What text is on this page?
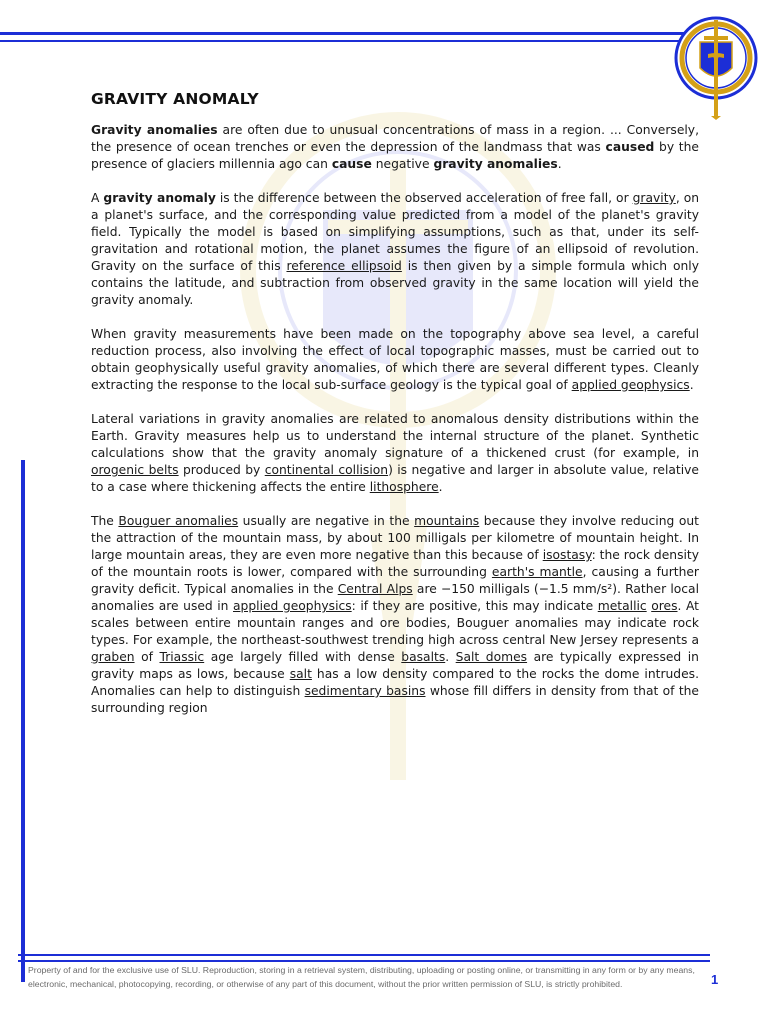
GRAVITY ANOMALY

Gravity anomalies are often due to unusual concentrations of mass in a region. ... Conversely, the presence of ocean trenches or even the depression of the landmass that was caused by the presence of glaciers millennia ago can cause negative gravity anomalies.

A gravity anomaly is the difference between the observed acceleration of free fall, or gravity, on a planet's surface, and the corresponding value predicted from a model of the planet's gravity field. Typically the model is based on simplifying assumptions, such as that, under its self-gravitation and rotational motion, the planet assumes the figure of an ellipsoid of revolution. Gravity on the surface of this reference ellipsoid is then given by a simple formula which only contains the latitude, and subtraction from observed gravity in the same location will yield the gravity anomaly.

When gravity measurements have been made on the topography above sea level, a careful reduction process, also involving the effect of local topographic masses, must be carried out to obtain geophysically useful gravity anomalies, of which there are several different types. Cleanly extracting the response to the local sub-surface geology is the typical goal of applied geophysics.

Lateral variations in gravity anomalies are related to anomalous density distributions within the Earth. Gravity measures help us to understand the internal structure of the planet. Synthetic calculations show that the gravity anomaly signature of a thickened crust (for example, in orogenic belts produced by continental collision) is negative and larger in absolute value, relative to a case where thickening affects the entire lithosphere.

The Bouguer anomalies usually are negative in the mountains because they involve reducing out the attraction of the mountain mass, by about 100 milligals per kilometre of mountain height. In large mountain areas, they are even more negative than this because of isostasy: the rock density of the mountain roots is lower, compared with the surrounding earth's mantle, causing a further gravity deficit. Typical anomalies in the Central Alps are −150 milligals (−1.5 mm/s²). Rather local anomalies are used in applied geophysics: if they are positive, this may indicate metallic ores. At scales between entire mountain ranges and ore bodies, Bouguer anomalies may indicate rock types. For example, the northeast-southwest trending high across central New Jersey represents a graben of Triassic age largely filled with dense basalts. Salt domes are typically expressed in gravity maps as lows, because salt has a low density compared to the rocks the dome intrudes. Anomalies can help to distinguish sedimentary basins whose fill differs in density from that of the surrounding region

Property of and for the exclusive use of SLU. Reproduction, storing in a retrieval system, distributing, uploading or posting online, or transmitting in any form or by any means, electronic, mechanical, photocopying, recording, or otherwise of any part of this document, without the prior written permission of SLU, is strictly prohibited.	1
